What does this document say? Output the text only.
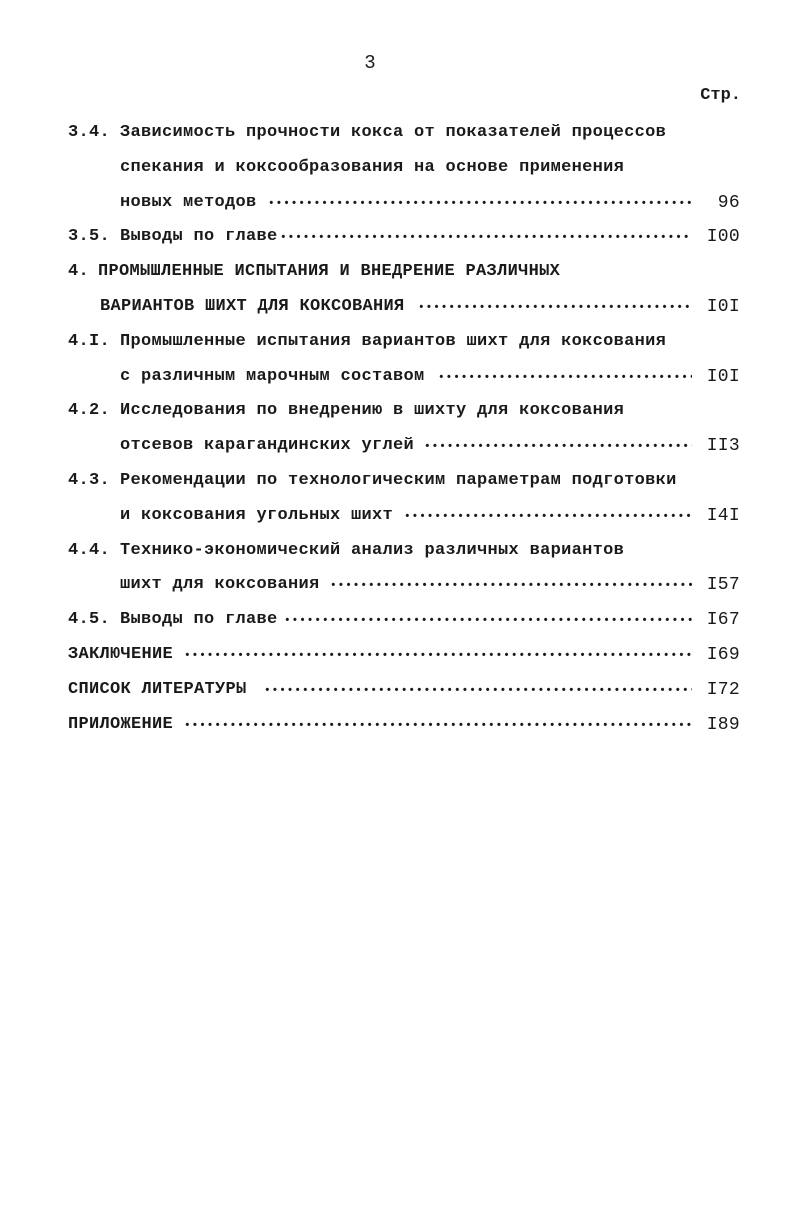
3
Стр.
3.4. Зависимость прочности кокса от показателей процессов
спекания и коксообразования на основе применения
новых методов •••••	96
3.5. Выводы по главе •••••	I00
4. ПРОМЫШЛЕННЫЕ ИСПЫТАНИЯ И ВНЕДРЕНИЕ РАЗЛИЧНЫХ
ВАРИАНТОВ ШИХТ ДЛЯ КОКСОВАНИЯ •••••	I0I
4.I. Промышленные испытания вариантов шихт для коксования
с различным марочным составом •••••	I0I
4.2. Исследования по внедрению в шихту для коксования
отсевов карагандинских углей •••••	II3
4.3. Рекомендации по технологическим параметрам подготовки
и коксования угольных шихт •••••	I4I
4.4. Технико-экономический анализ различных вариантов
шихт для коксования •••••	I57
4.5. Выводы по главе •••••	I67
ЗАКЛЮЧЕНИЕ •••••	I69
СПИСОК ЛИТЕРАТУРЫ •••••	I72
ПРИЛОЖЕНИЕ •••••	I89
